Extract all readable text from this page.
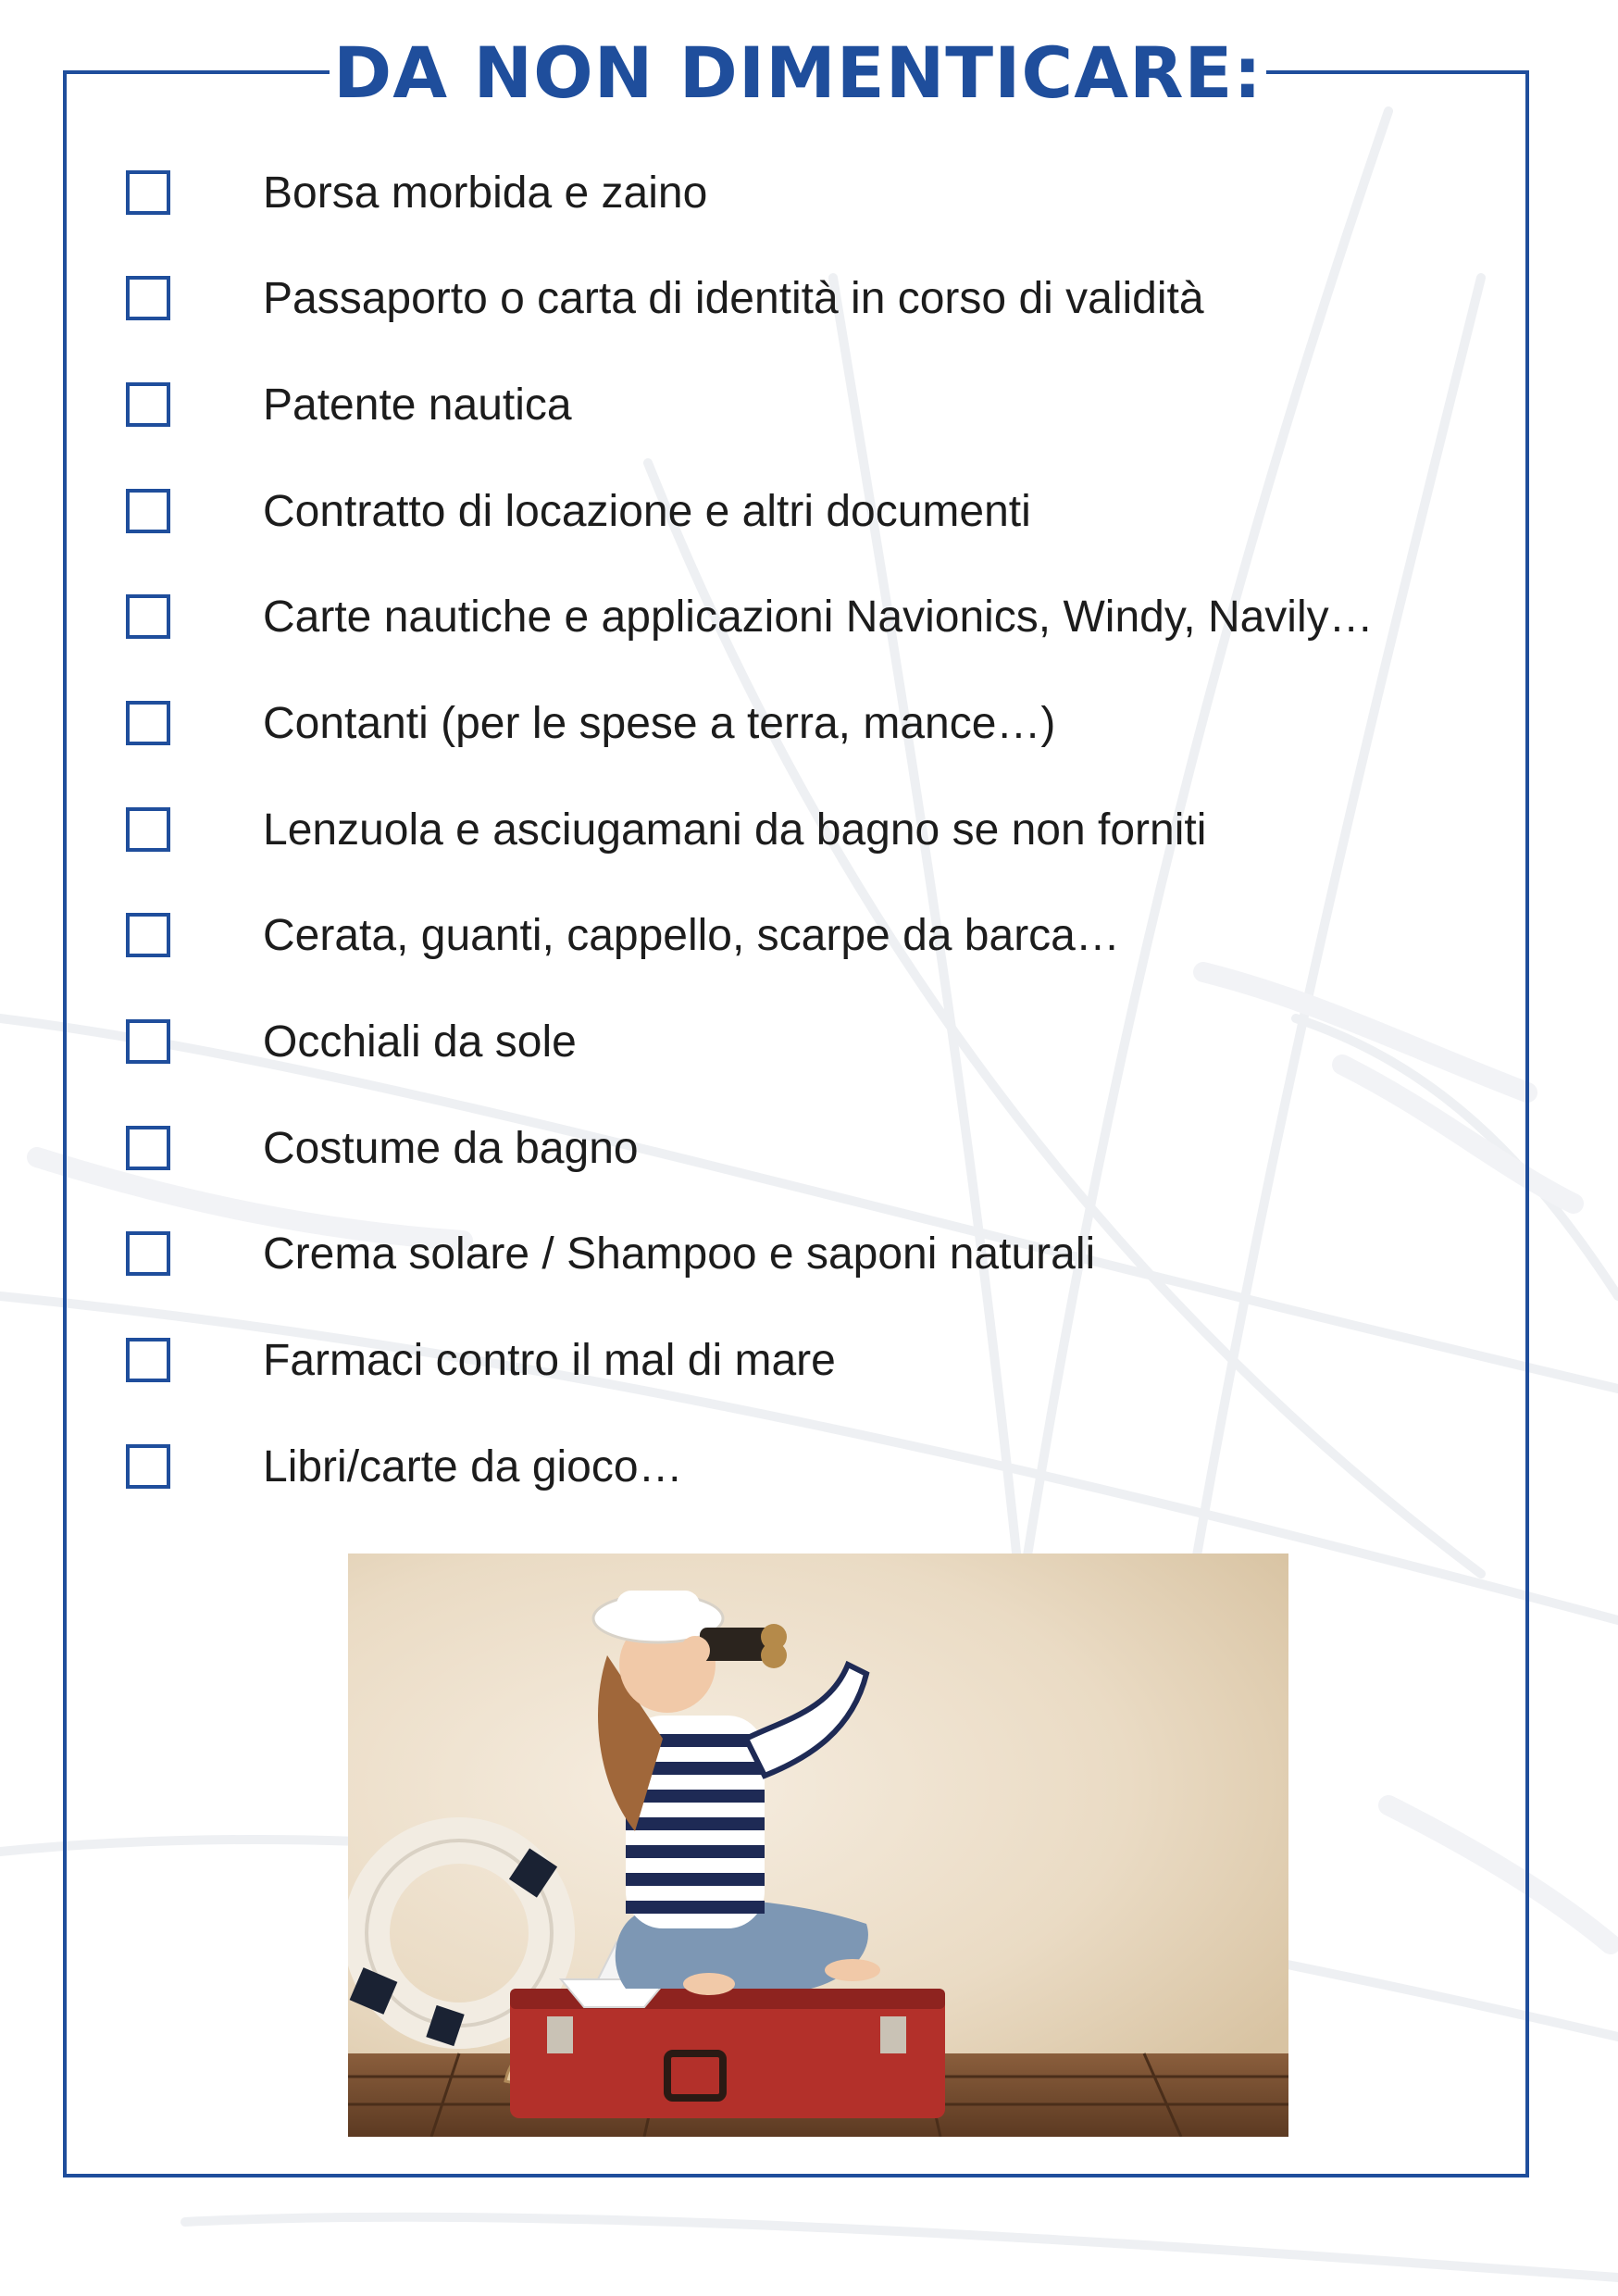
DA NON DIMENTICARE:
Borsa morbida e zaino
Passaporto o carta di identità in corso di validità
Patente nautica
Contratto di locazione e altri documenti
Carte nautiche e applicazioni Navionics, Windy, Navily…
Contanti (per le spese a terra, mance…)
Lenzuola e asciugamani da bagno se non forniti
Cerata, guanti, cappello, scarpe da barca…
Occhiali da sole
Costume da bagno
Crema solare / Shampoo e saponi naturali
Farmaci contro il mal di mare
Libri/carte da gioco…
